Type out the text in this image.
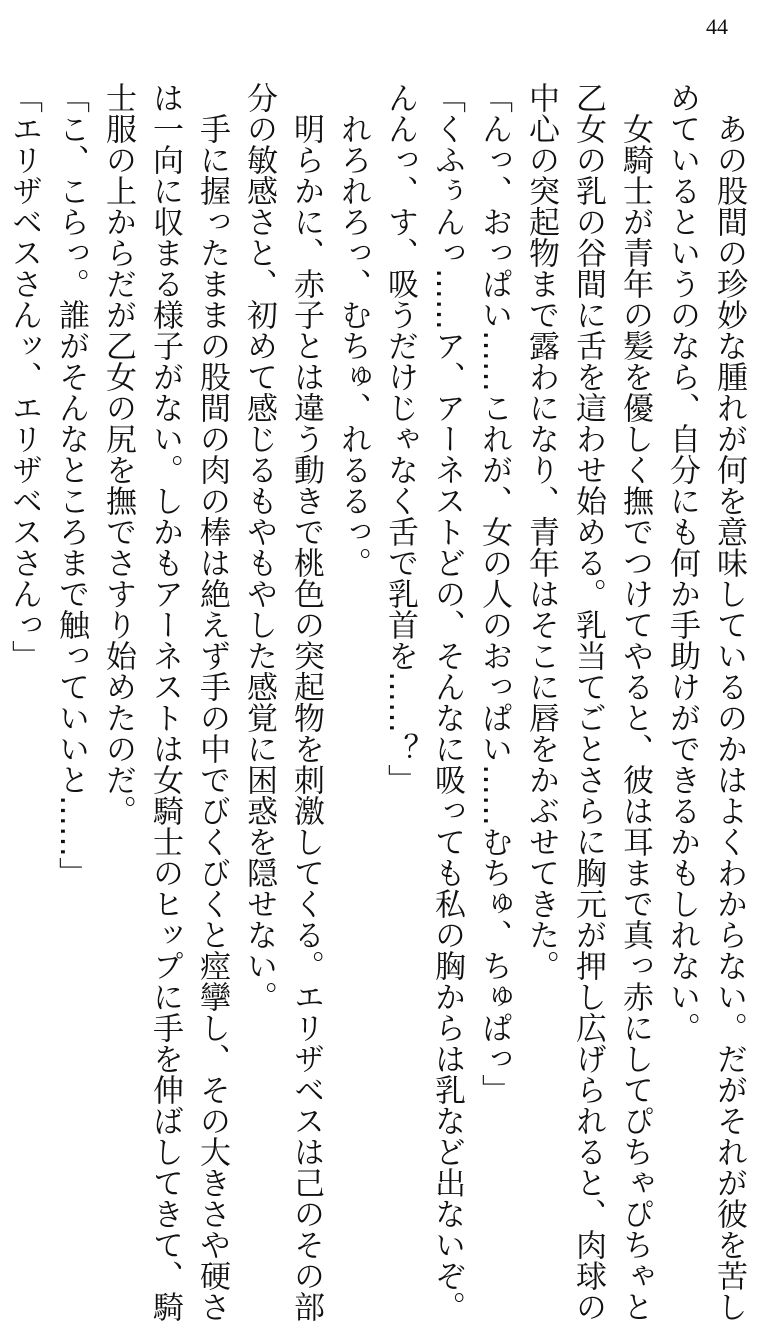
44

　あの股間の珍妙な腫れが何を意味しているのかはよくわからない。だがそれが彼を苦し

めているというのなら、自分にも何か手助けができるかもしれない。

　女騎士が青年の髪を優しく撫でつけてやると、彼は耳まで真っ赤にしてぴちゃぴちゃと

乙女の乳の谷間に舌を這わせ始める。乳当てごとさらに胸元が押し広げられると、肉球の

中心の突起物まで露わになり、青年はそこに唇をかぶせてきた。

「んっ、おっぱい……これが、女の人のおっぱい……むちゅ、ちゅぱっ」

「くふぅんっ……ア、アーネストどの、そんなに吸っても私の胸からは乳など出ないぞ。

んんっ、す、吸うだけじゃなく舌で乳首を……？」

　れろれろっ、むちゅ、れるるっ。

　明らかに、赤子とは違う動きで桃色の突起物を刺激してくる。エリザベスは己のその部

分の敏感さと、初めて感じるもやもやした感覚に困惑を隠せない。

　手に握ったままの股間の肉の棒は絶えず手の中でびくびくと痙攣し、その大きさや硬さ

は一向に収まる様子がない。しかもアーネストは女騎士のヒップに手を伸ばしてきて、騎

士服の上からだが乙女の尻を撫でさすり始めたのだ。

「こ、こらっ。誰がそんなところまで触っていいと……」

「エリザベスさんッ、エリザベスさんっ」
